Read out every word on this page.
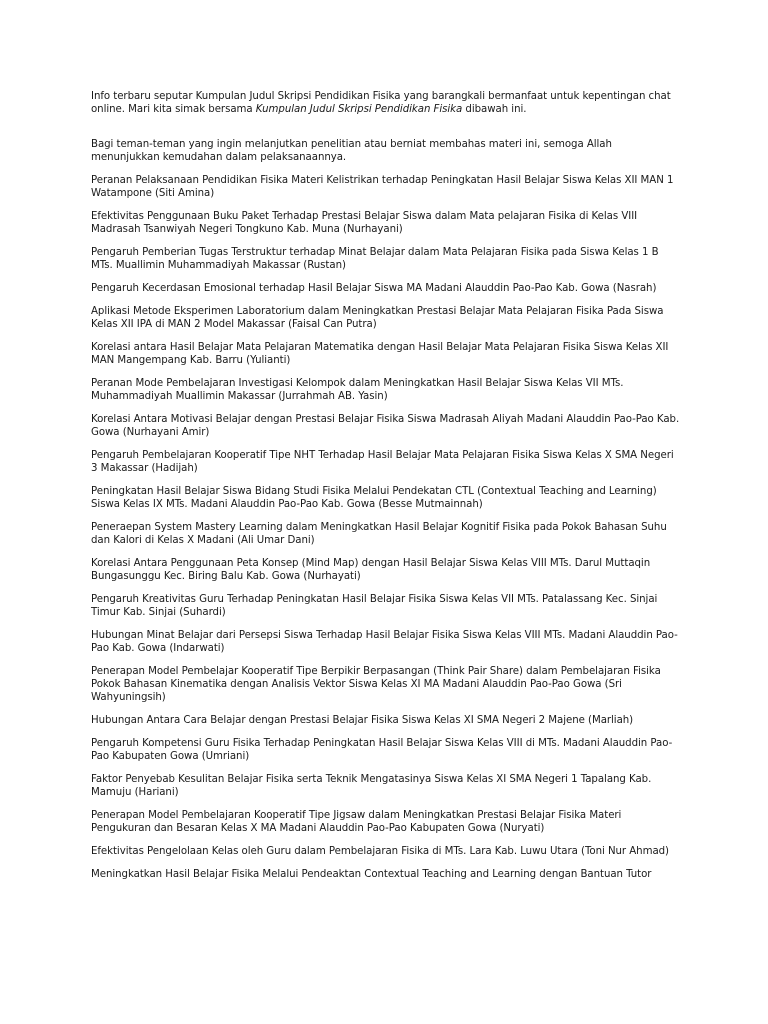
Info terbaru seputar Kumpulan Judul Skripsi Pendidikan Fisika yang barangkali bermanfaat untuk kepentingan chat online. Mari kita simak bersama Kumpulan Judul Skripsi Pendidikan Fisika dibawah ini.

Bagi teman-teman yang ingin melanjutkan penelitian atau berniat membahas materi ini, semoga Allah menunjukkan kemudahan dalam pelaksanaannya.

Peranan Pelaksanaan Pendidikan Fisika Materi Kelistrikan terhadap Peningkatan Hasil Belajar Siswa Kelas XII MAN 1 Watampone (Siti Amina)

Efektivitas Penggunaan Buku Paket Terhadap Prestasi Belajar Siswa dalam Mata pelajaran Fisika di Kelas VIII Madrasah Tsanwiyah Negeri Tongkuno Kab. Muna (Nurhayani)

Pengaruh Pemberian Tugas Terstruktur terhadap Minat Belajar dalam Mata Pelajaran Fisika pada Siswa Kelas 1 B MTs. Muallimin Muhammadiyah Makassar (Rustan)

Pengaruh Kecerdasan Emosional terhadap Hasil Belajar Siswa MA Madani Alauddin Pao-Pao Kab. Gowa (Nasrah)

Aplikasi Metode Eksperimen Laboratorium dalam Meningkatkan Prestasi Belajar Mata Pelajaran Fisika Pada Siswa Kelas XII IPA di MAN 2 Model Makassar (Faisal Can Putra)

Korelasi antara Hasil Belajar Mata Pelajaran Matematika dengan Hasil Belajar Mata Pelajaran Fisika Siswa Kelas XII MAN Mangempang Kab. Barru (Yulianti)

Peranan Mode Pembelajaran Investigasi Kelompok dalam Meningkatkan Hasil Belajar Siswa Kelas VII MTs. Muhammadiyah Muallimin Makassar (Jurrahmah AB. Yasin)

Korelasi Antara Motivasi Belajar dengan Prestasi Belajar Fisika Siswa Madrasah Aliyah Madani Alauddin Pao-Pao Kab. Gowa (Nurhayani Amir)

Pengaruh Pembelajaran Kooperatif Tipe NHT Terhadap Hasil Belajar Mata Pelajaran Fisika Siswa Kelas X SMA Negeri 3 Makassar (Hadijah)

Peningkatan Hasil Belajar Siswa Bidang Studi Fisika Melalui Pendekatan CTL (Contextual Teaching and Learning) Siswa Kelas IX MTs. Madani Alauddin Pao-Pao Kab. Gowa (Besse Mutmainnah)

Peneraepan System Mastery Learning dalam Meningkatkan Hasil Belajar Kognitif Fisika pada Pokok Bahasan Suhu dan Kalori di Kelas X Madani (Ali Umar Dani)

Korelasi Antara Penggunaan Peta Konsep (Mind Map) dengan Hasil Belajar Siswa Kelas VIII MTs. Darul Muttaqin Bungasunggu Kec. Biring Balu Kab. Gowa (Nurhayati)

Pengaruh Kreativitas Guru Terhadap Peningkatan Hasil Belajar Fisika Siswa Kelas VII MTs. Patalassang Kec. Sinjai Timur Kab. Sinjai (Suhardi)

Hubungan Minat Belajar dari Persepsi Siswa Terhadap Hasil Belajar Fisika Siswa Kelas VIII MTs. Madani Alauddin Pao-Pao Kab. Gowa (Indarwati)

Penerapan Model Pembelajar Kooperatif Tipe Berpikir Berpasangan (Think Pair Share) dalam Pembelajaran Fisika Pokok Bahasan Kinematika dengan Analisis Vektor Siswa Kelas XI MA Madani Alauddin Pao-Pao Gowa (Sri Wahyuningsih)

Hubungan Antara Cara Belajar dengan Prestasi Belajar Fisika Siswa Kelas XI SMA Negeri 2 Majene (Marliah)

Pengaruh Kompetensi Guru Fisika Terhadap Peningkatan Hasil Belajar Siswa Kelas VIII di MTs. Madani Alauddin Pao-Pao Kabupaten Gowa (Umriani)

Faktor Penyebab Kesulitan Belajar Fisika serta Teknik Mengatasinya Siswa Kelas XI SMA Negeri 1 Tapalang Kab. Mamuju (Hariani)

Penerapan Model Pembelajaran Kooperatif Tipe Jigsaw dalam Meningkatkan Prestasi Belajar Fisika Materi Pengukuran dan Besaran Kelas X MA Madani Alauddin Pao-Pao Kabupaten Gowa (Nuryati)

Efektivitas Pengelolaan Kelas oleh Guru dalam Pembelajaran Fisika di MTs. Lara Kab. Luwu Utara (Toni Nur Ahmad)

Meningkatkan Hasil Belajar Fisika Melalui Pendeaktan Contextual Teaching and Learning dengan Bantuan Tutor
